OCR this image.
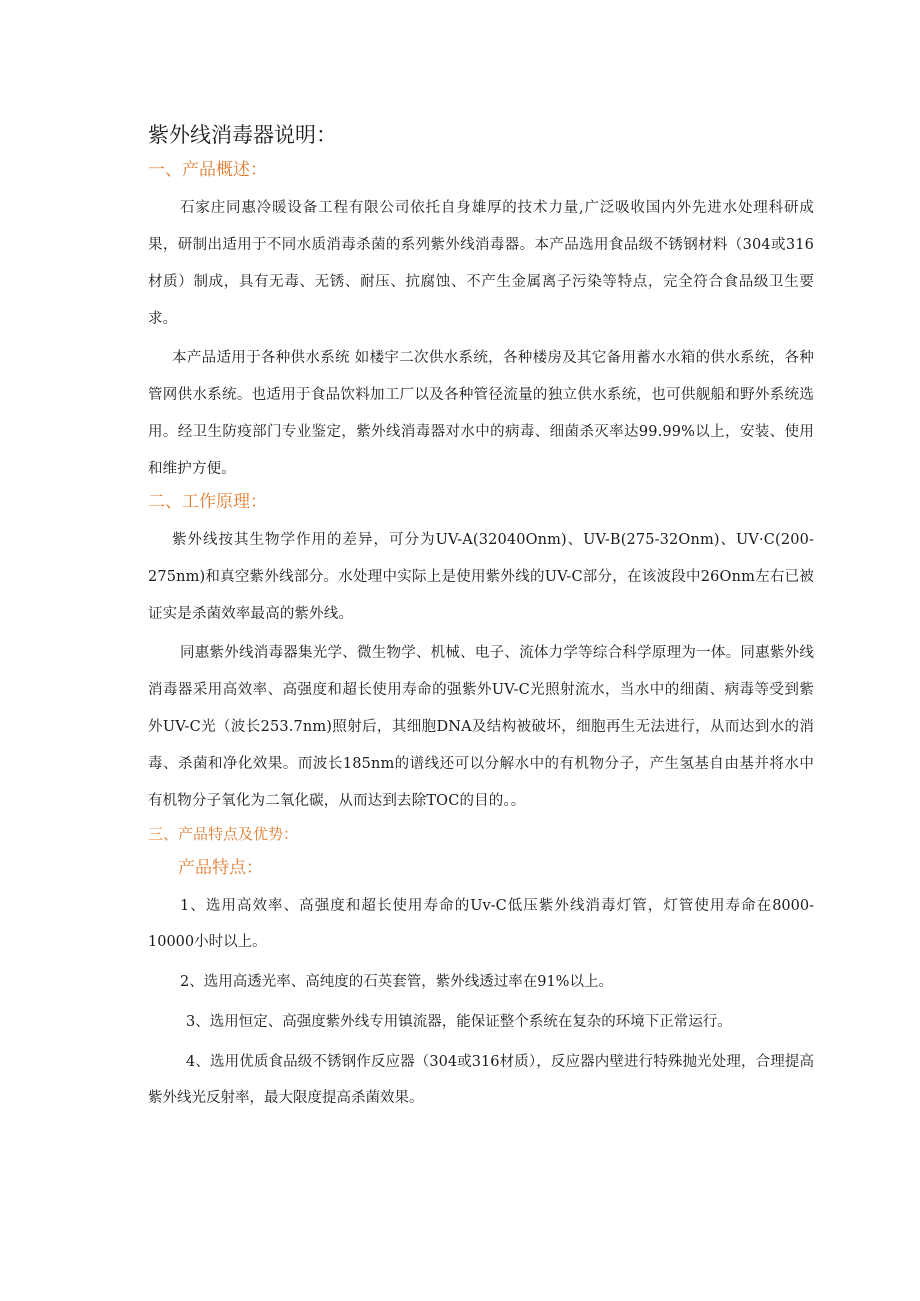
紫外线消毒器说明：
一、产品概述：

石家庄同惠冷暖设备工程有限公司依托自身雄厚的技术力量,广泛吸收国内外先进水处理科研成果，研制出适用于不同水质消毒杀菌的系列紫外线消毒器。本产品选用食品级不锈钢材料（304或316材质）制成，具有无毒、无锈、耐压、抗腐蚀、不产生金属离子污染等特点，完全符合食品级卫生要求。

本产品适用于各种供水系统 如楼宇二次供水系统，各种楼房及其它备用蓄水水箱的供水系统，各种管网供水系统。也适用于食品饮料加工厂以及各种管径流量的独立供水系统，也可供舰船和野外系统选用。经卫生防疫部门专业鉴定，紫外线消毒器对水中的病毒、细菌杀灭率达99.99%以上，安装、使用和维护方便。

二、工作原理：

紫外线按其生物学作用的差异，可分为UV-A(32040Onm)、UV-B(275-32Onm)、UV·C(200-275nm)和真空紫外线部分。水处理中实际上是使用紫外线的UV-C部分，在该波段中26Onm左右已被证实是杀菌效率最高的紫外线。

同惠紫外线消毒器集光学、微生物学、机械、电子、流体力学等综合科学原理为一体。同惠紫外线消毒器采用高效率、高强度和超长使用寿命的强紫外UV-C光照射流水，当水中的细菌、病毒等受到紫外UV-C光（波长253.7nm)照射后，其细胞DNA及结构被破坏，细胞再生无法进行，从而达到水的消毒、杀菌和净化效果。而波长185nm的谱线还可以分解水中的有机物分子，产生氢基自由基并将水中有机物分子氧化为二氧化碳，从而达到去除TOC的目的。。

三、产品特点及优势：
产品特点：

1、选用高效率、高强度和超长使用寿命的Uv-C低压紫外线消毒灯管，灯管使用寿命在8000-10000小时以上。

2、选用高透光率、高纯度的石英套管，紫外线透过率在91%以上。

3、选用恒定、高强度紫外线专用镇流器，能保证整个系统在复杂的环境下正常运行。

4、选用优质食品级不锈钢作反应器（304或316材质），反应器内壁进行特殊抛光处理，合理提高紫外线光反射率，最大限度提高杀菌效果。
